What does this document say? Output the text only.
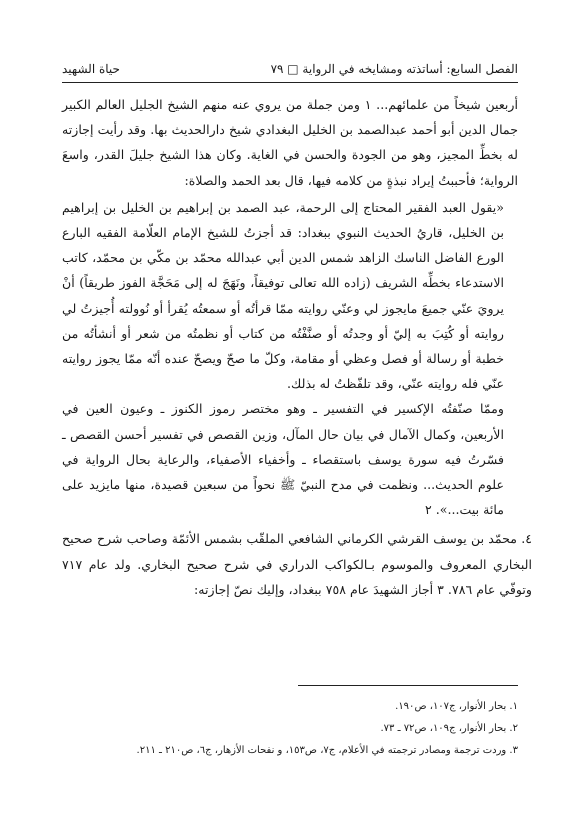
الفصل السابع: أساتذته ومشايخه في الرواية □ ٧٩
حياة الشهيد

أربعين شيخاً من علمائهم... ١ ومن جملة من يروي عنه منهم الشيخ الجليل العالم الكبير جمال الدين أبو أحمد عبدالصمد بن الخليل البغدادي شيخ دارالحديث بها. وقد رأيت إجازته له بخطِّ المجيز، وهو من الجودة والحسن في الغاية. وكان هذا الشيخ جليلَ القدر، واسعَ الرواية؛ فأحببتُ إيراد نبذةٍ من كلامه فيها، قال بعد الحمد والصلاة:

«يقول العبد الفقير المحتاج إلى الرحمة، عبد الصمد بن إبراهيم بن الخليل بن إبراهيم بن الخليل، قاريُ الحديث النبوي ببغداد: قد أجزتُ للشيخ الإمام العلّامة الفقيه البارع الورع الفاضل الناسك الزاهد شمس الدين أبي عبدالله محمّد بن مكّي بن محمّد، كاتب الاستدعاء بخطِّه الشريف (زاده الله تعالى توفيقاً، ونَهَجَ له إلى مَحَجَّة الفوز طريقاً) أنْ يرويَ عنّي جميعَ مايجوز لي وعنّي روايته ممّا قرأتُه أو سمعتُه يُقرأ أو نُوولته أُجيزتُ لي روايته أو كُتِبَ به إليّ أو وجدتُه أو صنَّفْتُه من كتاب أو نظمتُه من شعر أو أنشأتُه من خطبة أو رسالة أو فصل وعظي أو مقامة، وكلّ ما صحّ ويصحّ عنده أنّه ممّا يجوز روايته عنّي فله روايته عنّي، وقد تلفّظتُ له بذلك.

وممّا صنّفتُه الإكسير في التفسير ـ وهو مختصر رموز الكنوز ـ وعيون العين في الأربعين، وكمال الآمال في بيان حال المآل، وزين القصص في تفسير أحسن القصص ـ فسّرتُ فيه سورة يوسف باستقصاء ـ وأخفياء الأصفياء، والرعاية بحال الرواية في علوم الحديث... ونظمت في مدح النبيّ ﷺ نحواً من سبعين قصيدة، منها مايزيد على مائة بيت...». ٢

٤. محمّد بن يوسف القرشي الكرماني الشافعي الملقّب بشمس الأئمّة وصاحب شرح صحيح البخاري المعروف والموسوم بـالكواكب الدراري في شرح صحيح البخاري. ولد عام ٧١٧ وتوفّي عام ٧٨٦. ٣ أجاز الشهيدَ عام ٧٥٨ ببغداد، وإليك نصّ إجازته:

١. بحار الأنوار، ج١٠٧، ص١٩٠.
٢. بحار الأنوار، ج١٠٩، ص٧٢ ـ ٧٣.
٣. وردت ترجمة ومصادر ترجمته في الأعلام، ج٧، ص١٥٣، و نفحات الأزهار، ج٦، ص٢١٠ ـ ٢١١.
